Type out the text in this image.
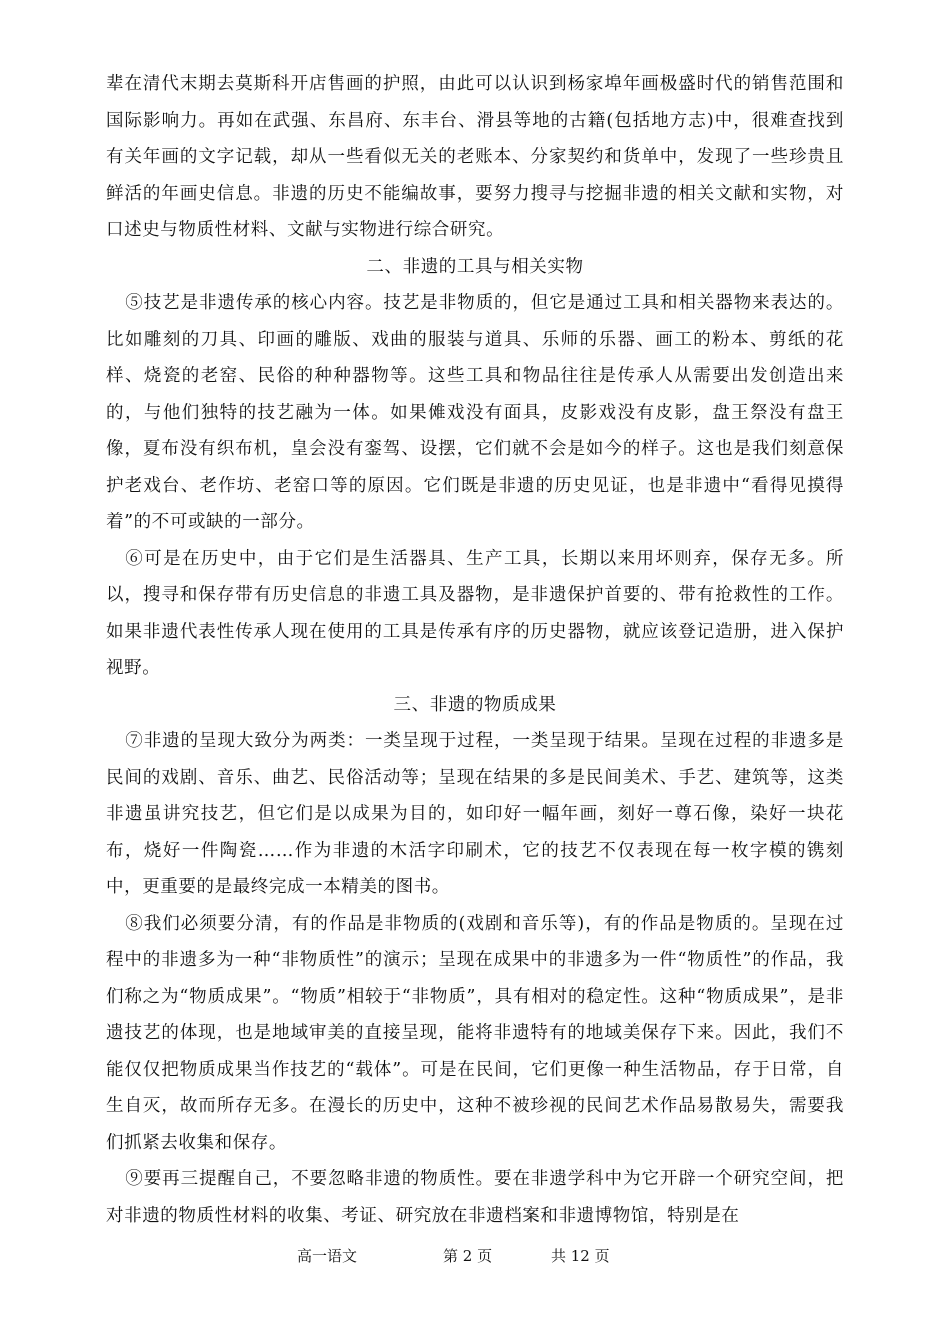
辈在清代末期去莫斯科开店售画的护照，由此可以认识到杨家埠年画极盛时代的销售范围和国际影响力。再如在武强、东昌府、东丰台、滑县等地的古籍(包括地方志)中，很难查找到有关年画的文字记载，却从一些看似无关的老账本、分家契约和货单中，发现了一些珍贵且鲜活的年画史信息。非遗的历史不能编故事，要努力搜寻与挖掘非遗的相关文献和实物，对口述史与物质性材料、文献与实物进行综合研究。

二、非遗的工具与相关实物

⑤技艺是非遗传承的核心内容。技艺是非物质的，但它是通过工具和相关器物来表达的。比如雕刻的刀具、印画的雕版、戏曲的服装与道具、乐师的乐器、画工的粉本、剪纸的花样、烧瓷的老窑、民俗的种种器物等。这些工具和物品往往是传承人从需要出发创造出来的，与他们独特的技艺融为一体。如果傩戏没有面具，皮影戏没有皮影，盘王祭没有盘王像，夏布没有织布机，皇会没有銮驾、设摆，它们就不会是如今的样子。这也是我们刻意保护老戏台、老作坊、老窑口等的原因。它们既是非遗的历史见证，也是非遗中“看得见摸得着”的不可或缺的一部分。

⑥可是在历史中，由于它们是生活器具、生产工具，长期以来用坏则弃，保存无多。所以，搜寻和保存带有历史信息的非遗工具及器物，是非遗保护首要的、带有抢救性的工作。如果非遗代表性传承人现在使用的工具是传承有序的历史器物，就应该登记造册，进入保护视野。

三、非遗的物质成果

⑦非遗的呈现大致分为两类：一类呈现于过程，一类呈现于结果。呈现在过程的非遗多是民间的戏剧、音乐、曲艺、民俗活动等；呈现在结果的多是民间美术、手艺、建筑等，这类非遗虽讲究技艺，但它们是以成果为目的，如印好一幅年画，刻好一尊石像，染好一块花布，烧好一件陶瓷……作为非遗的木活字印刷术，它的技艺不仅表现在每一枚字模的镌刻中，更重要的是最终完成一本精美的图书。

⑧我们必须要分清，有的作品是非物质的(戏剧和音乐等)，有的作品是物质的。呈现在过程中的非遗多为一种“非物质性”的演示；呈现在成果中的非遗多为一件“物质性”的作品，我们称之为“物质成果”。“物质”相较于“非物质”，具有相对的稳定性。这种“物质成果”，是非遗技艺的体现，也是地域审美的直接呈现，能将非遗特有的地域美保存下来。因此，我们不能仅仅把物质成果当作技艺的“载体”。可是在民间，它们更像一种生活物品，存于日常，自生自灭，故而所存无多。在漫长的历史中，这种不被珍视的民间艺术作品易散易失，需要我们抓紧去收集和保存。

⑨要再三提醒自己，不要忽略非遗的物质性。要在非遗学科中为它开辟一个研究空间，把对非遗的物质性材料的收集、考证、研究放在非遗档案和非遗博物馆，特别是在

高一语文	第 2 页	共 12 页
